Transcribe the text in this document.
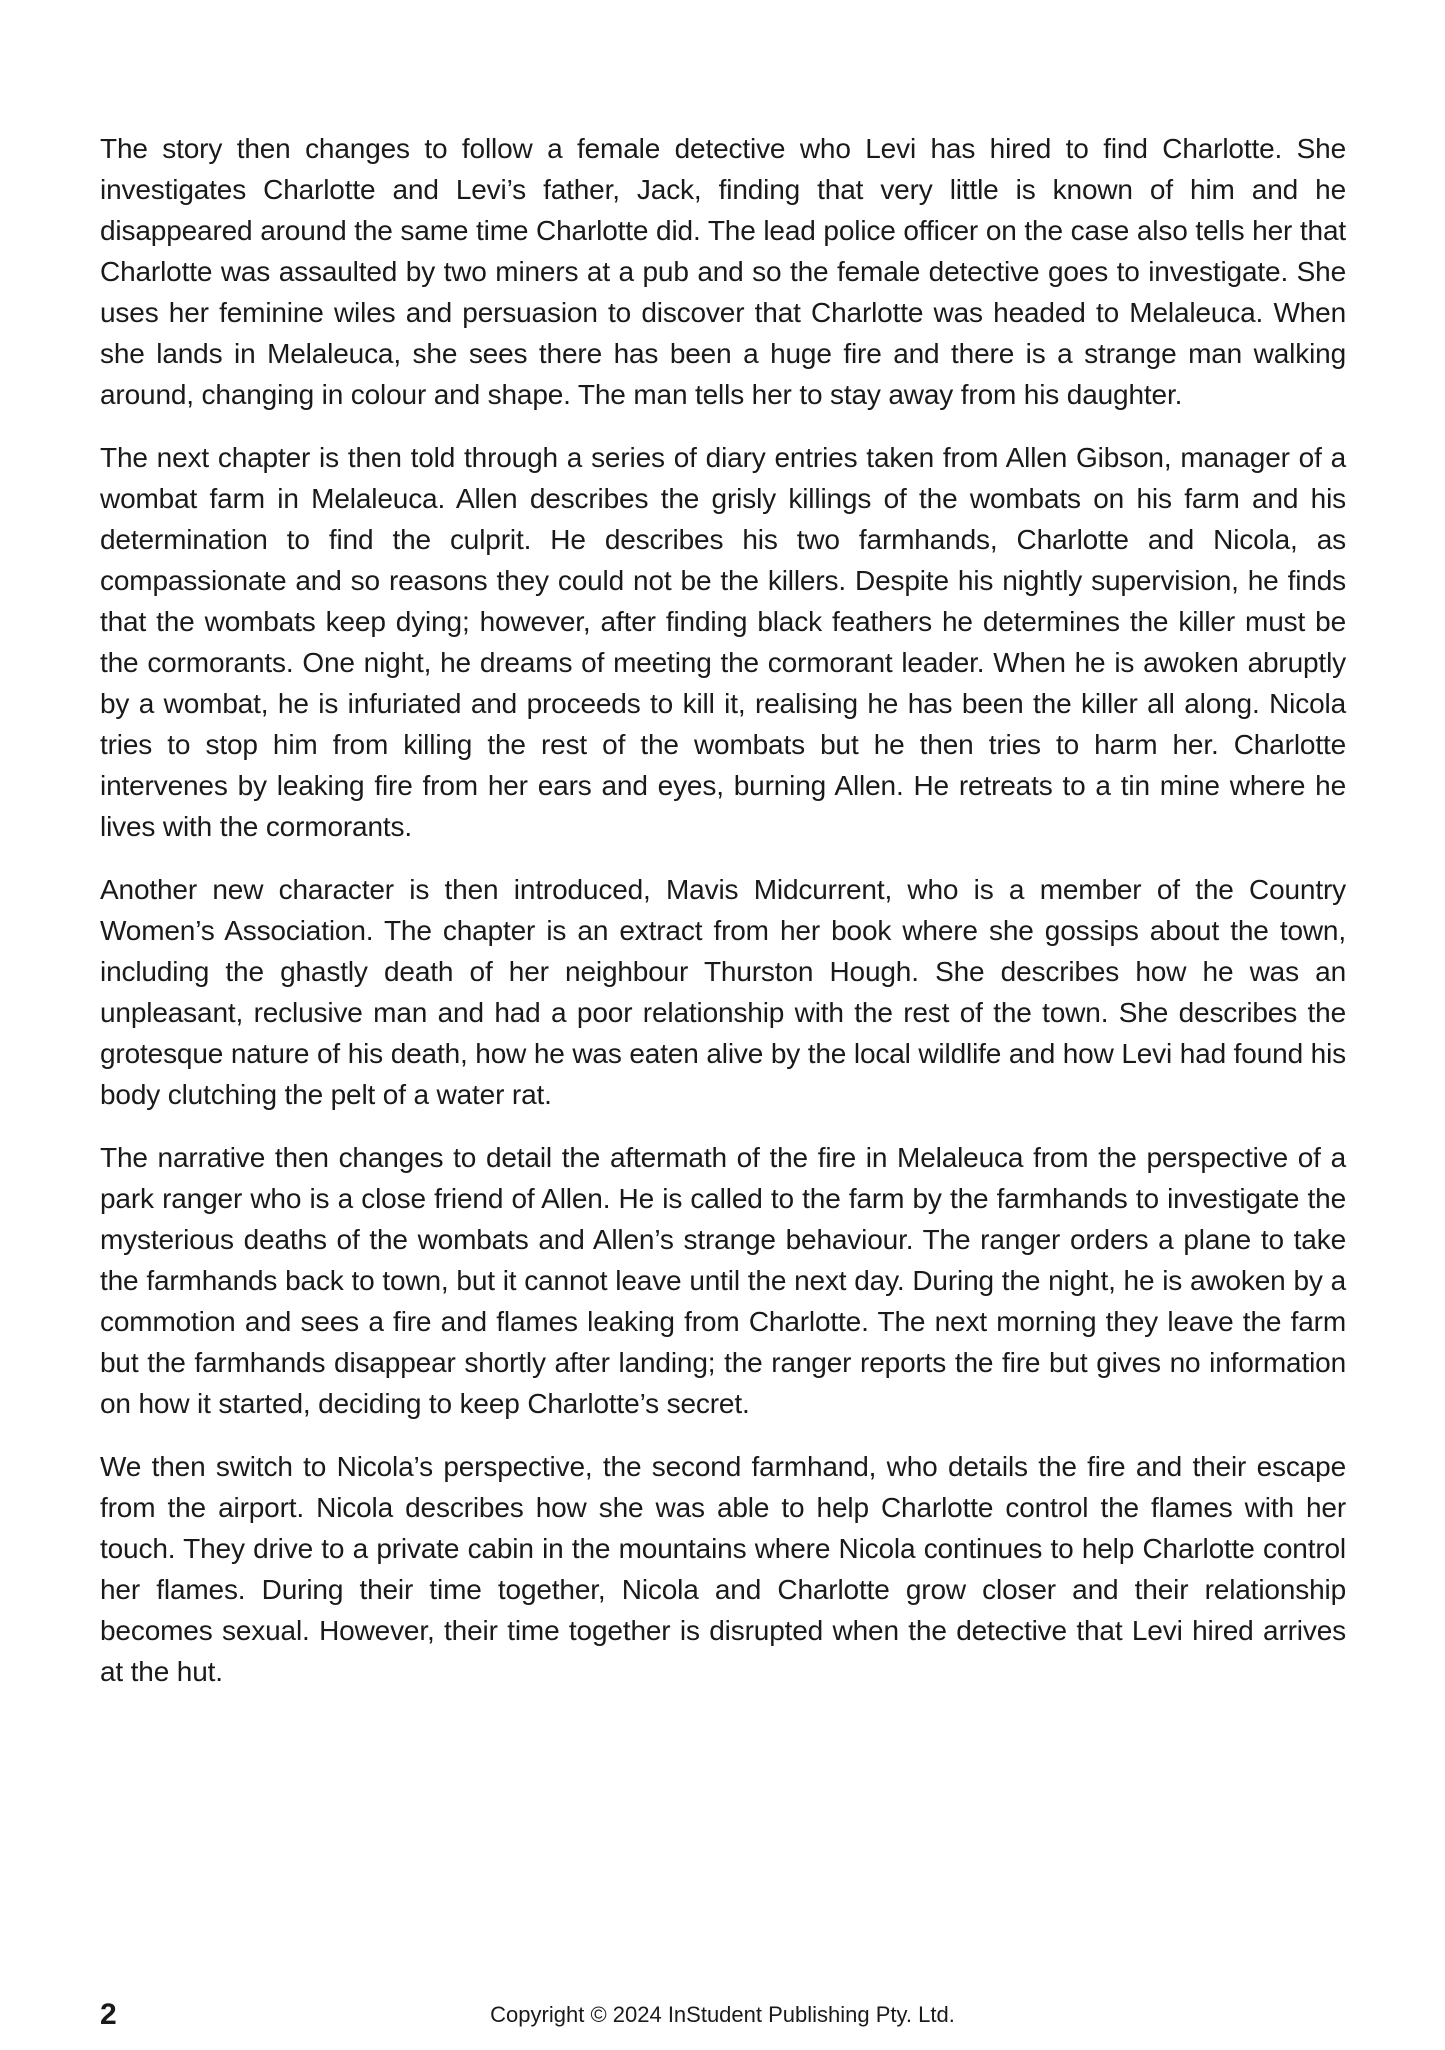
The story then changes to follow a female detective who Levi has hired to find Charlotte. She investigates Charlotte and Levi’s father, Jack, finding that very little is known of him and he disappeared around the same time Charlotte did. The lead police officer on the case also tells her that Charlotte was assaulted by two miners at a pub and so the female detective goes to investigate. She uses her feminine wiles and persuasion to discover that Charlotte was headed to Melaleuca. When she lands in Melaleuca, she sees there has been a huge fire and there is a strange man walking around, changing in colour and shape. The man tells her to stay away from his daughter.

The next chapter is then told through a series of diary entries taken from Allen Gibson, manager of a wombat farm in Melaleuca. Allen describes the grisly killings of the wombats on his farm and his determination to find the culprit. He describes his two farmhands, Charlotte and Nicola, as compassionate and so reasons they could not be the killers. Despite his nightly supervision, he finds that the wombats keep dying; however, after finding black feathers he determines the killer must be the cormorants. One night, he dreams of meeting the cormorant leader. When he is awoken abruptly by a wombat, he is infuriated and proceeds to kill it, realising he has been the killer all along. Nicola tries to stop him from killing the rest of the wombats but he then tries to harm her. Charlotte intervenes by leaking fire from her ears and eyes, burning Allen. He retreats to a tin mine where he lives with the cormorants.

Another new character is then introduced, Mavis Midcurrent, who is a member of the Country Women’s Association. The chapter is an extract from her book where she gossips about the town, including the ghastly death of her neighbour Thurston Hough. She describes how he was an unpleasant, reclusive man and had a poor relationship with the rest of the town. She describes the grotesque nature of his death, how he was eaten alive by the local wildlife and how Levi had found his body clutching the pelt of a water rat.

The narrative then changes to detail the aftermath of the fire in Melaleuca from the perspective of a park ranger who is a close friend of Allen. He is called to the farm by the farmhands to investigate the mysterious deaths of the wombats and Allen’s strange behaviour. The ranger orders a plane to take the farmhands back to town, but it cannot leave until the next day. During the night, he is awoken by a commotion and sees a fire and flames leaking from Charlotte. The next morning they leave the farm but the farmhands disappear shortly after landing; the ranger reports the fire but gives no information on how it started, deciding to keep Charlotte’s secret.

We then switch to Nicola’s perspective, the second farmhand, who details the fire and their escape from the airport. Nicola describes how she was able to help Charlotte control the flames with her touch. They drive to a private cabin in the mountains where Nicola continues to help Charlotte control her flames. During their time together, Nicola and Charlotte grow closer and their relationship becomes sexual. However, their time together is disrupted when the detective that Levi hired arrives at the hut.

2	Copyright © 2024 InStudent Publishing Pty. Ltd.
